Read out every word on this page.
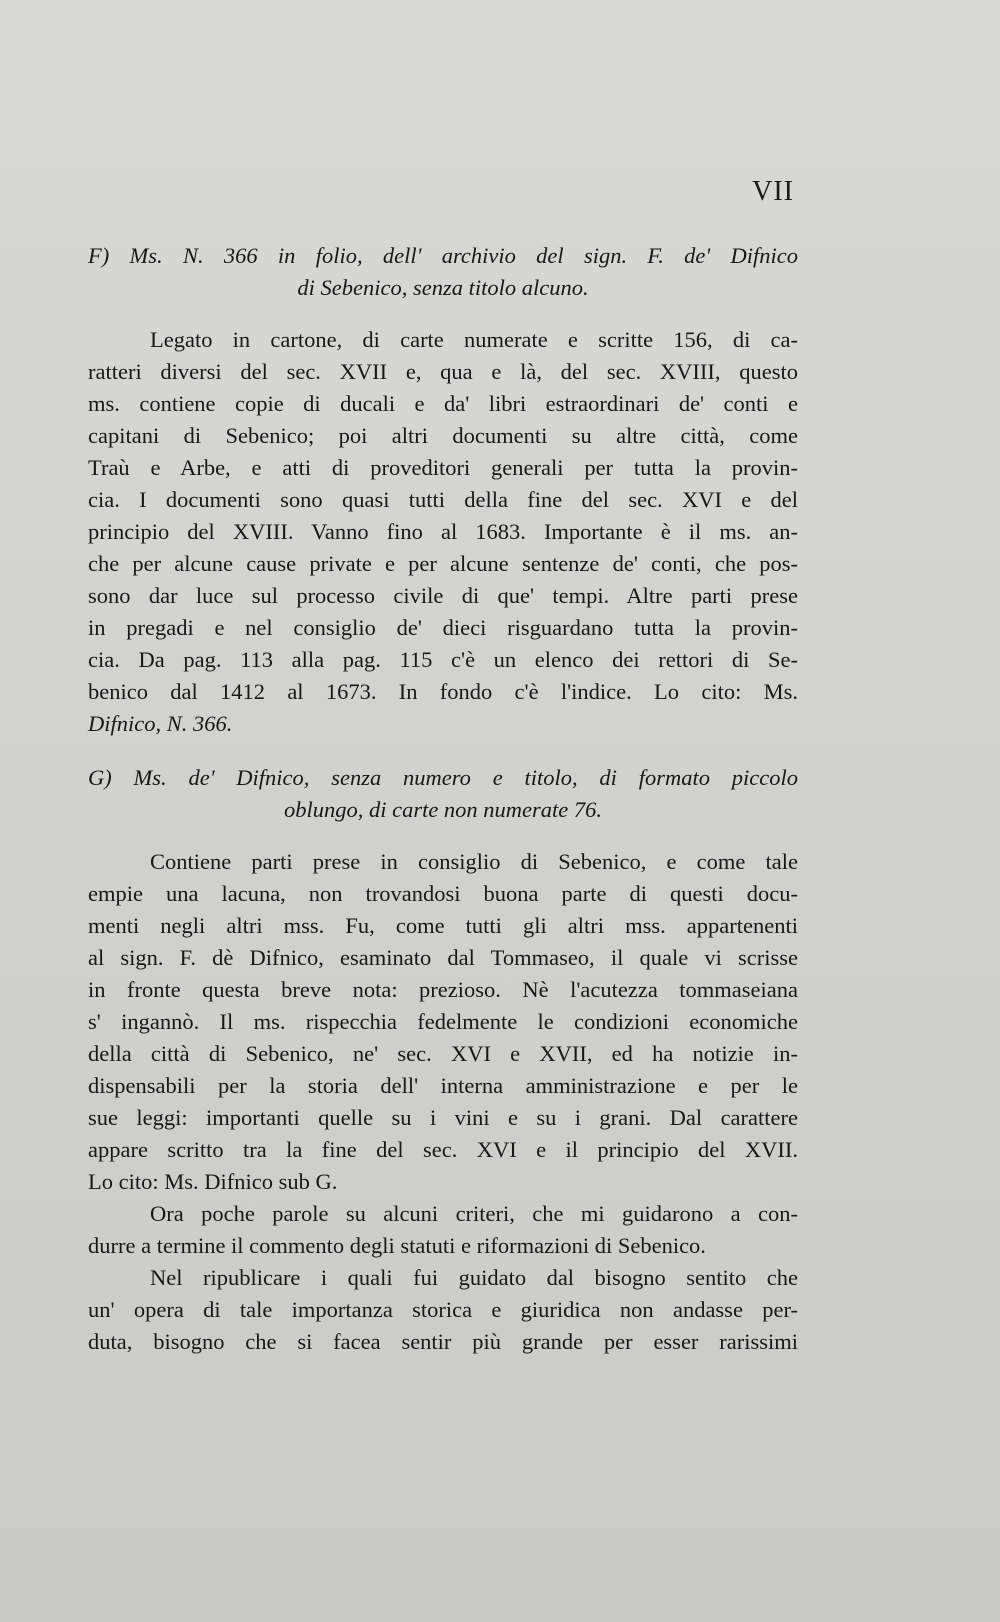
VII
F) Ms. N. 366 in folio, dell' archivio del sign. F. de' Difnico
di Sebenico, senza titolo alcuno.
Legato in cartone, di carte numerate e scritte 156, di ca-
ratteri diversi del sec. XVII e, qua e là, del sec. XVIII, questo
ms. contiene copie di ducali e da' libri estraordinari de' conti e
capitani di Sebenico; poi altri documenti su altre città, come
Traù e Arbe, e atti di proveditori generali per tutta la provin-
cia. I documenti sono quasi tutti della fine del sec. XVI e del
principio del XVIII. Vanno fino al 1683. Importante è il ms. an-
che per alcune cause private e per alcune sentenze de' conti, che pos-
sono dar luce sul processo civile di que' tempi. Altre parti prese
in pregadi e nel consiglio de' dieci risguardano tutta la provin-
cia. Da pag. 113 alla pag. 115 c'è un elenco dei rettori di Se-
benico dal 1412 al 1673. In fondo c'è l'indice. Lo cito: Ms.
Difnico, N. 366.
G) Ms. de' Difnico, senza numero e titolo, di formato piccolo
oblungo, di carte non numerate 76.
Contiene parti prese in consiglio di Sebenico, e come tale
empie una lacuna, non trovandosi buona parte di questi docu-
menti negli altri mss. Fu, come tutti gli altri mss. appartenenti
al sign. F. dè Difnico, esaminato dal Tommaseo, il quale vi scrisse
in fronte questa breve nota: prezioso. Nè l'acutezza tommaseiana
s' ingannò. Il ms. rispecchia fedelmente le condizioni economiche
della città di Sebenico, ne' sec. XVI e XVII, ed ha notizie in-
dispensabili per la storia dell' interna amministrazione e per le
sue leggi: importanti quelle su i vini e su i grani. Dal carattere
appare scritto tra la fine del sec. XVI e il principio del XVII.
Lo cito: Ms. Difnico sub G.
Ora poche parole su alcuni criteri, che mi guidarono a con-
durre a termine il commento degli statuti e riformazioni di Sebenico.
Nel ripublicare i quali fui guidato dal bisogno sentito che
un' opera di tale importanza storica e giuridica non andasse per-
duta, bisogno che si facea sentir più grande per esser rarissimi
